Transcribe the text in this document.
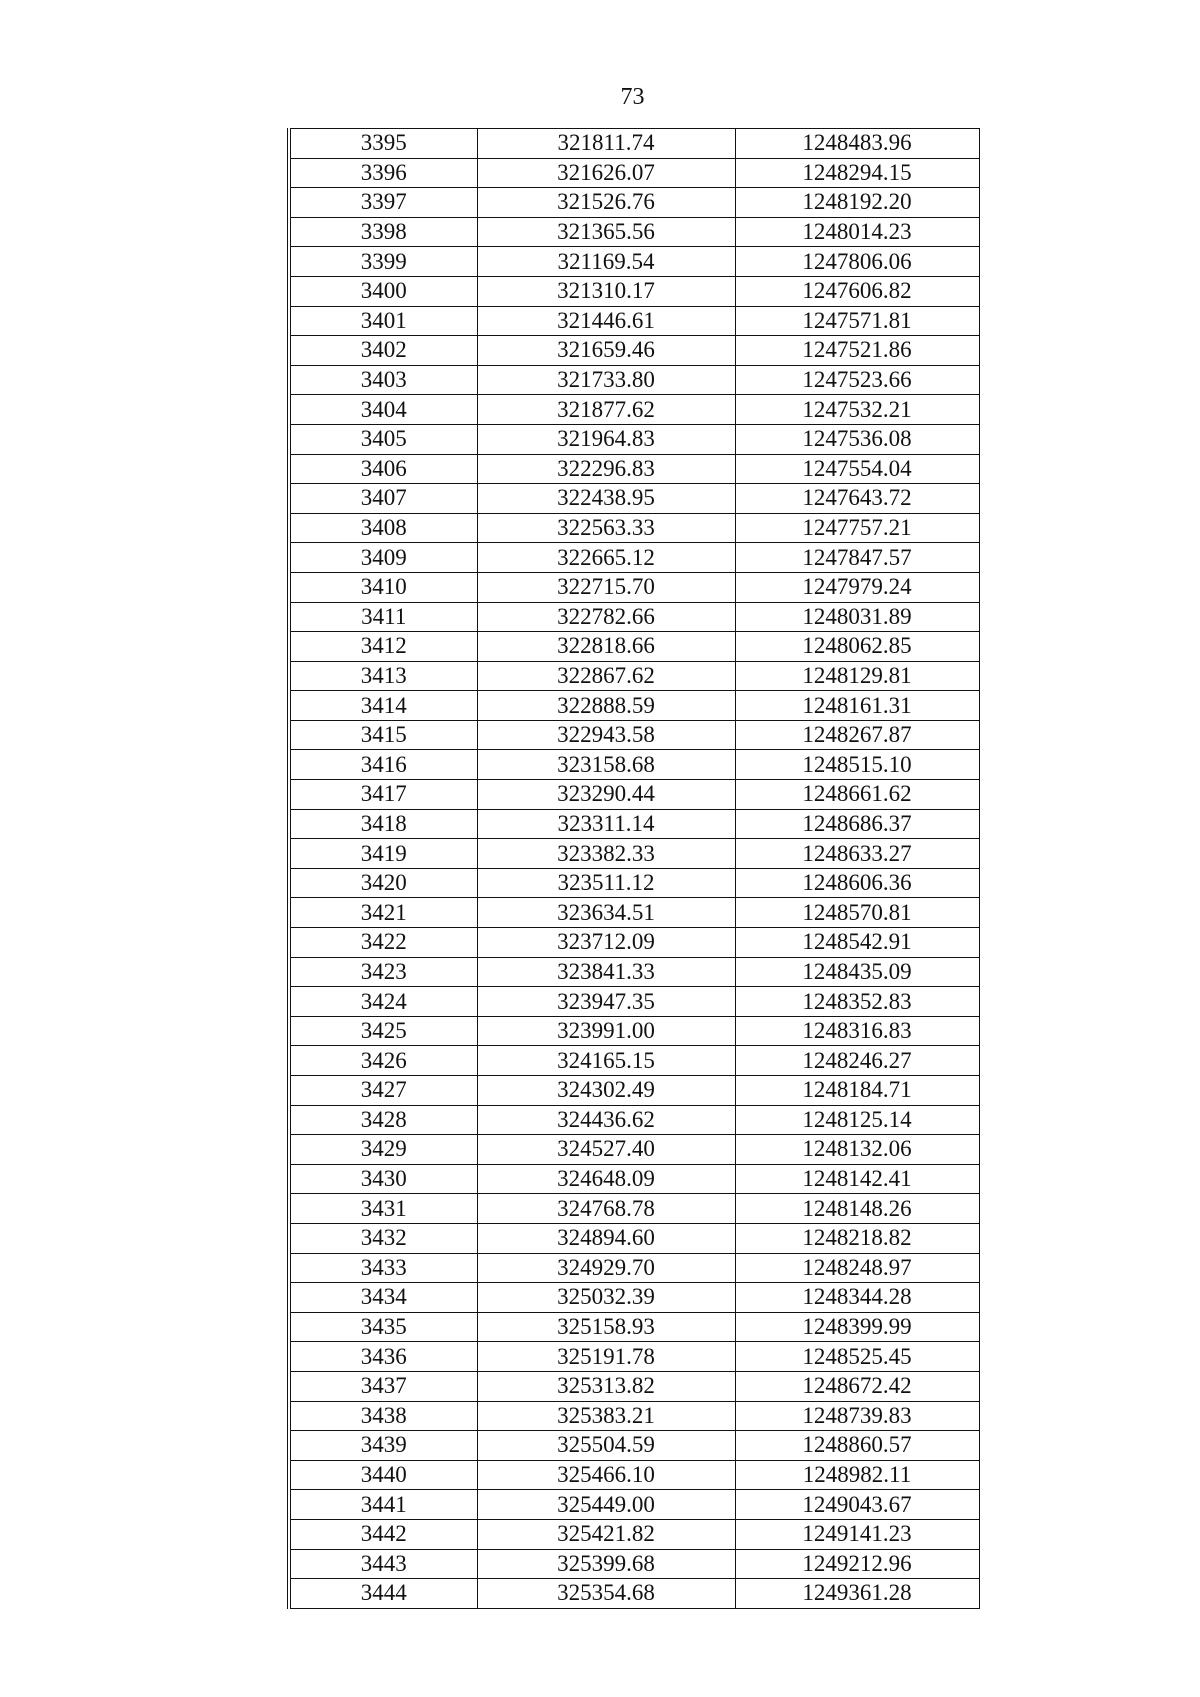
73
3395	321811.74	1248483.96
3396	321626.07	1248294.15
3397	321526.76	1248192.20
3398	321365.56	1248014.23
3399	321169.54	1247806.06
3400	321310.17	1247606.82
3401	321446.61	1247571.81
3402	321659.46	1247521.86
3403	321733.80	1247523.66
3404	321877.62	1247532.21
3405	321964.83	1247536.08
3406	322296.83	1247554.04
3407	322438.95	1247643.72
3408	322563.33	1247757.21
3409	322665.12	1247847.57
3410	322715.70	1247979.24
3411	322782.66	1248031.89
3412	322818.66	1248062.85
3413	322867.62	1248129.81
3414	322888.59	1248161.31
3415	322943.58	1248267.87
3416	323158.68	1248515.10
3417	323290.44	1248661.62
3418	323311.14	1248686.37
3419	323382.33	1248633.27
3420	323511.12	1248606.36
3421	323634.51	1248570.81
3422	323712.09	1248542.91
3423	323841.33	1248435.09
3424	323947.35	1248352.83
3425	323991.00	1248316.83
3426	324165.15	1248246.27
3427	324302.49	1248184.71
3428	324436.62	1248125.14
3429	324527.40	1248132.06
3430	324648.09	1248142.41
3431	324768.78	1248148.26
3432	324894.60	1248218.82
3433	324929.70	1248248.97
3434	325032.39	1248344.28
3435	325158.93	1248399.99
3436	325191.78	1248525.45
3437	325313.82	1248672.42
3438	325383.21	1248739.83
3439	325504.59	1248860.57
3440	325466.10	1248982.11
3441	325449.00	1249043.67
3442	325421.82	1249141.23
3443	325399.68	1249212.96
3444	325354.68	1249361.28
